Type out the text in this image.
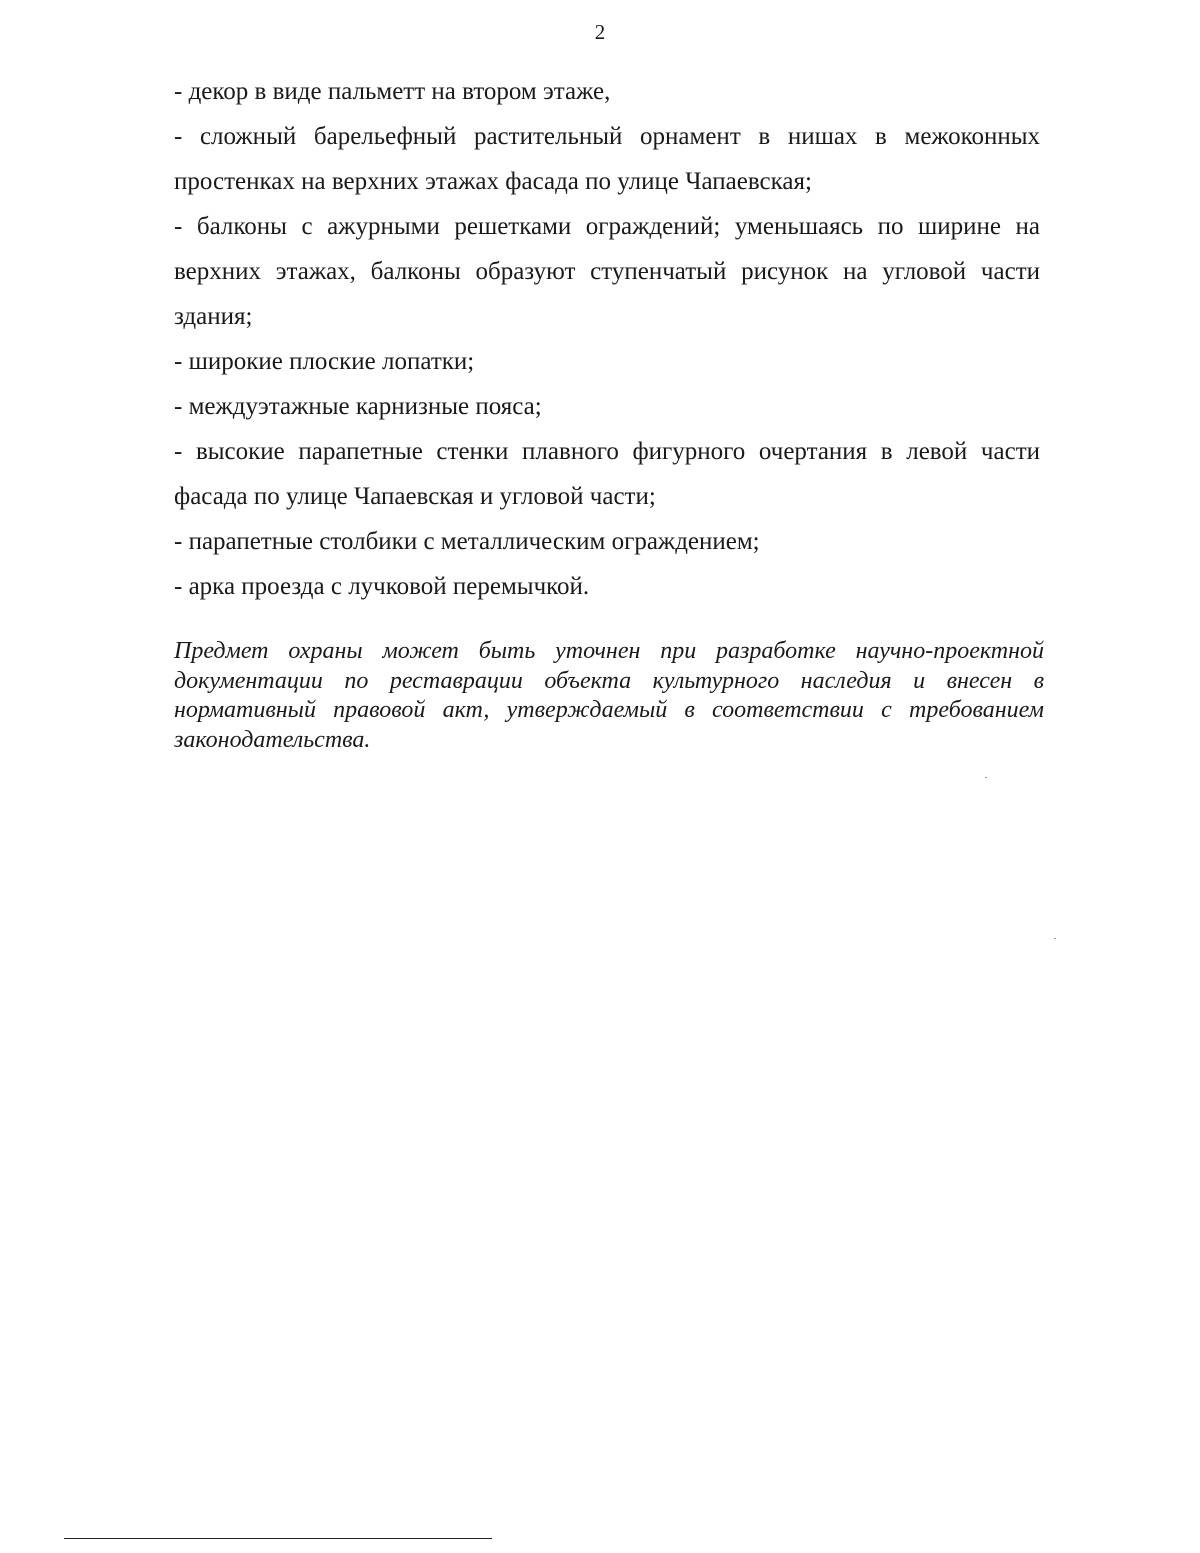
2

- декор в виде пальметт на втором этаже,

- сложный барельефный растительный орнамент в нишах в межоконных простенках на верхних этажах фасада по улице Чапаевская;

- балконы с ажурными решетками ограждений; уменьшаясь по ширине на верхних этажах, балконы образуют ступенчатый рисунок на угловой части здания;

- широкие плоские лопатки;

- междуэтажные карнизные пояса;

- высокие парапетные стенки плавного фигурного очертания в левой части фасада по улице Чапаевская и угловой части;

- парапетные столбики с металлическим ограждением;

- арка проезда с лучковой перемычкой.

Предмет охраны может быть уточнен при разработке научно-проектной документации по реставрации объекта культурного наследия и внесен в нормативный правовой акт, утверждаемый в соответствии с требованием законодательства.
